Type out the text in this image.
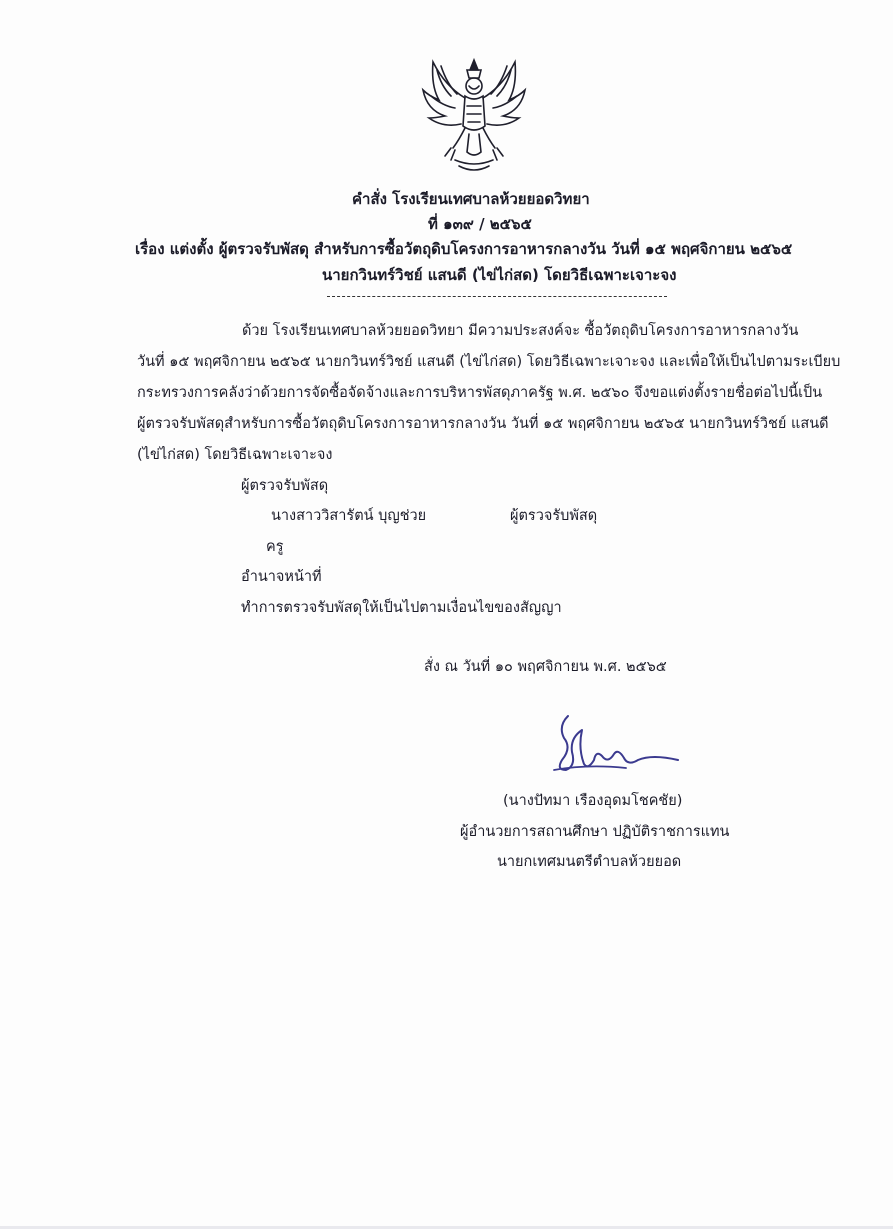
คำสั่ง โรงเรียนเทศบาลห้วยยอดวิทยา
ที่ ๑๓๙ / ๒๕๖๕
เรื่อง แต่งตั้ง ผู้ตรวจรับพัสดุ สำหรับการซื้อวัตถุดิบโครงการอาหารกลางวัน วันที่ ๑๕ พฤศจิกายน ๒๕๖๕
นายกวินทร์วิชย์ แสนดี (ไข่ไก่สด) โดยวิธีเฉพาะเจาะจง
ด้วย โรงเรียนเทศบาลห้วยยอดวิทยา มีความประสงค์จะ ซื้อวัตถุดิบโครงการอาหารกลางวัน
วันที่ ๑๕ พฤศจิกายน ๒๕๖๕ นายกวินทร์วิชย์ แสนดี (ไข่ไก่สด) โดยวิธีเฉพาะเจาะจง และเพื่อให้เป็นไปตามระเบียบ
กระทรวงการคลังว่าด้วยการจัดซื้อจัดจ้างและการบริหารพัสดุภาครัฐ พ.ศ. ๒๕๖๐ จึงขอแต่งตั้งรายชื่อต่อไปนี้เป็น
ผู้ตรวจรับพัสดุสำหรับการซื้อวัตถุดิบโครงการอาหารกลางวัน วันที่ ๑๕ พฤศจิกายน ๒๕๖๕ นายกวินทร์วิชย์ แสนดี
(ไข่ไก่สด) โดยวิธีเฉพาะเจาะจง
ผู้ตรวจรับพัสดุ
นางสาววิสารัตน์ บุญช่วย	ผู้ตรวจรับพัสดุ
ครู
อำนาจหน้าที่
ทำการตรวจรับพัสดุให้เป็นไปตามเงื่อนไขของสัญญา
สั่ง ณ วันที่ ๑๐ พฤศจิกายน พ.ศ. ๒๕๖๕
(นางปัทมา เรืองอุดมโชคชัย)
ผู้อำนวยการสถานศึกษา ปฏิบัติราชการแทน
นายกเทศมนตรีตำบลห้วยยอด
